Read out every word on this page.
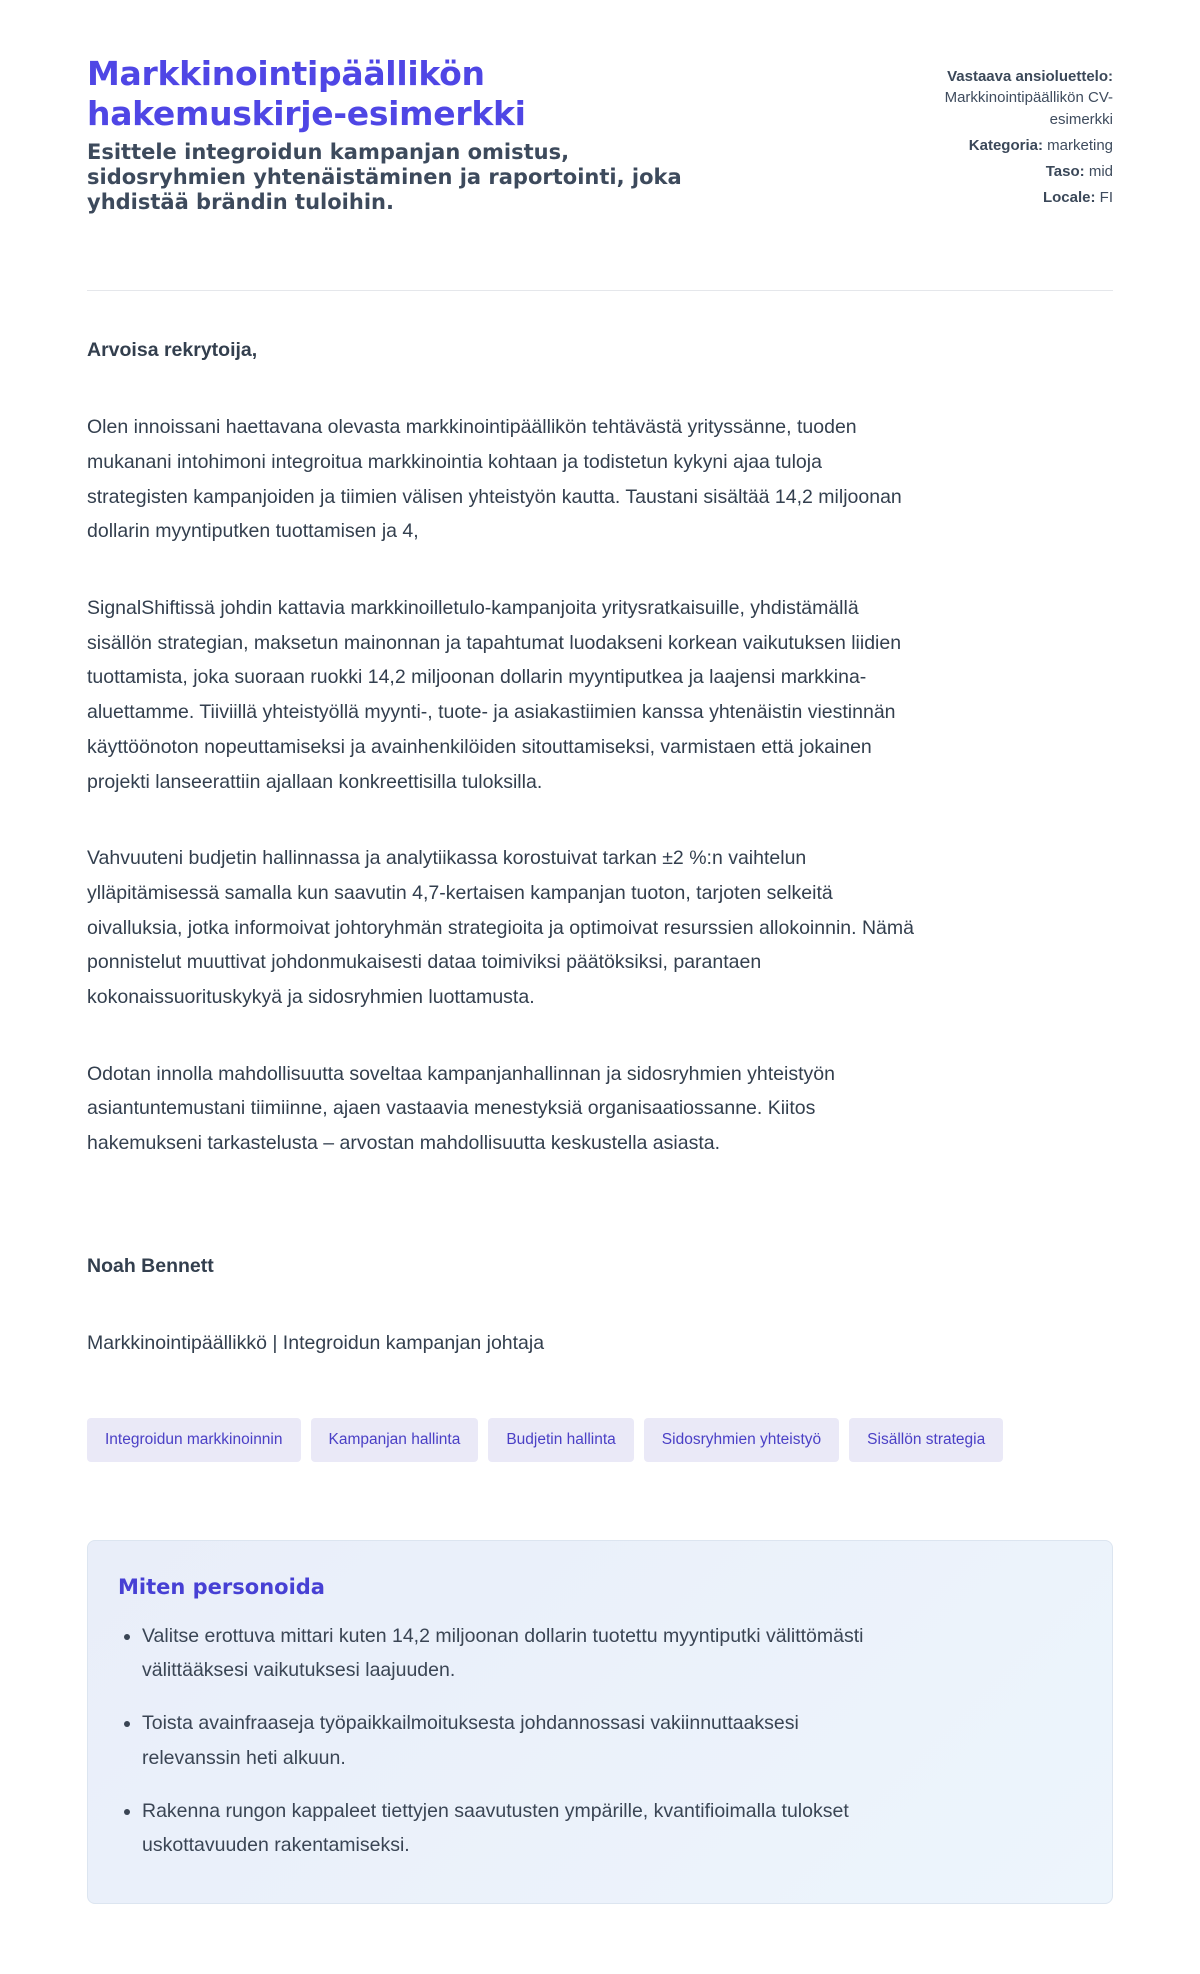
Markkinointipäällikön hakemuskirje-esimerkki

Esittele integroidun kampanjan omistus, sidosryhmien yhtenäistäminen ja raportointi, joka yhdistää brändin tuloihin.

Vastaava ansioluettelo: Markkinointipäällikön CV-esimerkki
Kategoria: marketing
Taso: mid
Locale: FI

Arvoisa rekrytoija,

Olen innoissani haettavana olevasta markkinointipäällikön tehtävästä yrityssänne, tuoden mukanani intohimoni integroitua markkinointia kohtaan ja todistetun kykyni ajaa tuloja strategisten kampanjoiden ja tiimien välisen yhteistyön kautta. Taustani sisältää 14,2 miljoonan dollarin myyntiputken tuottamisen ja 4,

SignalShiftissä johdin kattavia markkinoilletulo-kampanjoita yritysratkaisuille, yhdistämällä sisällön strategian, maksetun mainonnan ja tapahtumat luodakseni korkean vaikutuksen liidien tuottamista, joka suoraan ruokki 14,2 miljoonan dollarin myyntiputkea ja laajensi markkina-aluettamme. Tiiviillä yhteistyöllä myynti-, tuote- ja asiakastiimien kanssa yhtenäistin viestinnän käyttöönoton nopeuttamiseksi ja avainhenkilöiden sitouttamiseksi, varmistaen että jokainen projekti lanseerattiin ajallaan konkreettisilla tuloksilla.

Vahvuuteni budjetin hallinnassa ja analytiikassa korostuivat tarkan ±2 %:n vaihtelun ylläpitämisessä samalla kun saavutin 4,7-kertaisen kampanjan tuoton, tarjoten selkeitä oivalluksia, jotka informoivat johtoryhmän strategioita ja optimoivat resurssien allokoinnin. Nämä ponnistelut muuttivat johdonmukaisesti dataa toimiviksi päätöksiksi, parantaen kokonaissuorituskykyä ja sidosryhmien luottamusta.

Odotan innolla mahdollisuutta soveltaa kampanjanhallinnan ja sidosryhmien yhteistyön asiantuntemustani tiimiinne, ajaen vastaavia menestyksiä organisaatiossanne. Kiitos hakemukseni tarkastelusta – arvostan mahdollisuutta keskustella asiasta.

Noah Bennett

Markkinointipäällikkö | Integroidun kampanjan johtaja

Integroidun markkinoinnin	Kampanjan hallinta	Budjetin hallinta	Sidosryhmien yhteistyö	Sisällön strategia
Miten personoida
• Valitse erottuva mittari kuten 14,2 miljoonan dollarin tuotettu myyntiputki välittömästi välittääksesi vaikutuksesi laajuuden.
• Toista avainfraaseja työpaikkailmoituksesta johdannossasi vakiinnuttaaksesi relevanssin heti alkuun.
• Rakenna rungon kappaleet tiettyjen saavutusten ympärille, kvantifioimalla tulokset uskottavuuden rakentamiseksi.
